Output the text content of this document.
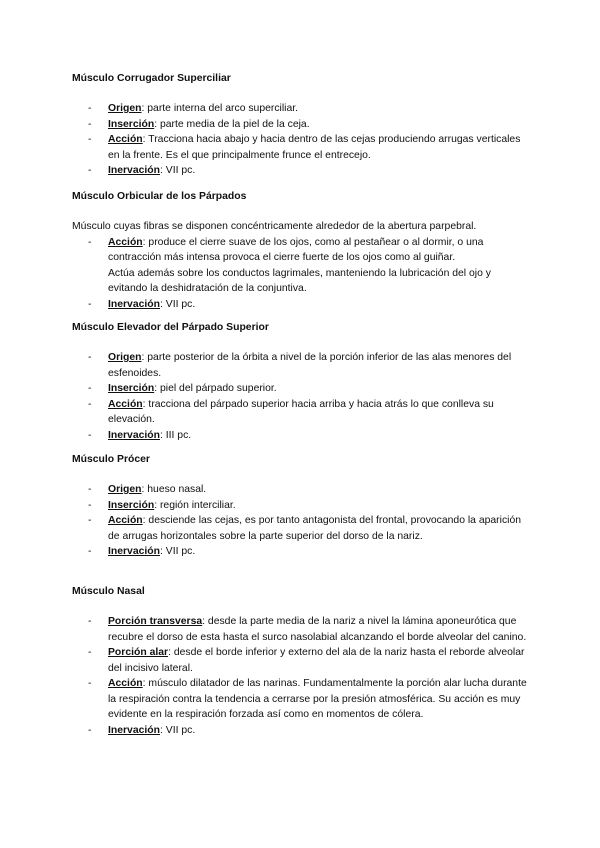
Músculo Corrugador Superciliar

- Origen: parte interna del arco superciliar.
- Inserción: parte media de la piel de la ceja.
- Acción: Tracciona hacia abajo y hacia dentro de las cejas produciendo arrugas verticales en la frente. Es el que principalmente frunce el entrecejo.
- Inervación: VII pc.

Músculo Orbicular de los Párpados

Músculo cuyas fibras se disponen concéntricamente alrededor de la abertura parpebral.

- Acción: produce el cierre suave de los ojos, como al pestañear o al dormir, o una contracción más intensa provoca el cierre fuerte de los ojos como al guiñar.
Actúa además sobre los conductos lagrimales, manteniendo la lubricación del ojo y evitando la deshidratación de la conjuntiva.
- Inervación: VII pc.

Músculo Elevador del Párpado Superior

- Origen: parte posterior de la órbita a nivel de la porción inferior de las alas menores del esfenoides.
- Inserción: piel del párpado superior.
- Acción: tracciona del párpado superior hacia arriba y hacia atrás lo que conlleva su elevación.
- Inervación: III pc.

Músculo Prócer

- Origen: hueso nasal.
- Inserción: región interciliar.
- Acción: desciende las cejas, es por tanto antagonista del frontal, provocando la aparición de arrugas horizontales sobre la parte superior del dorso de la nariz.
- Inervación: VII pc.

Músculo Nasal

- Porción transversa: desde la parte media de la nariz a nivel la lámina aponeurótica que recubre el dorso de esta hasta el surco nasolabial alcanzando el borde alveolar del canino.
- Porción alar: desde el borde inferior y externo del ala de la nariz hasta el reborde alveolar del incisivo lateral.
- Acción: músculo dilatador de las narinas. Fundamentalmente la porción alar lucha durante la respiración contra la tendencia a cerrarse por la presión atmosférica. Su acción es muy evidente en la respiración forzada así como en momentos de cólera.
- Inervación: VII pc.
